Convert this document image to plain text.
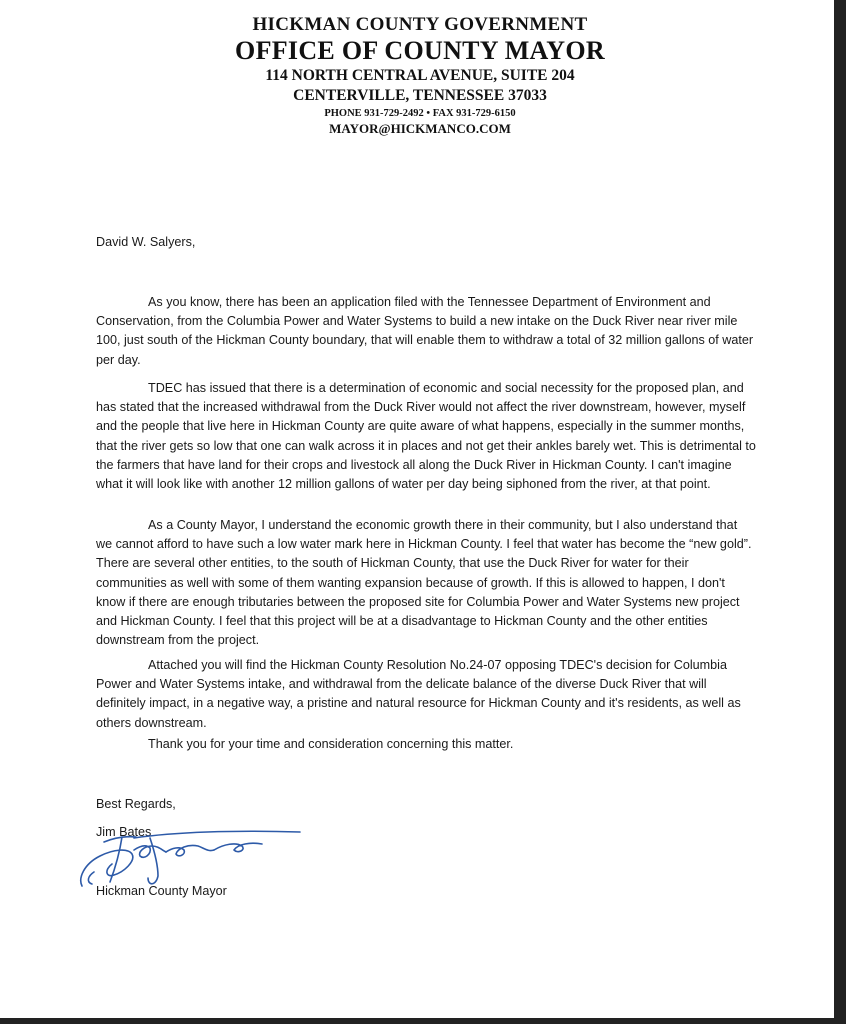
HICKMAN COUNTY GOVERNMENT
OFFICE OF COUNTY MAYOR
114 NORTH CENTRAL AVENUE, SUITE 204
CENTERVILLE, TENNESSEE 37033
PHONE 931-729-2492 • FAX 931-729-6150
MAYOR@HICKMANCO.COM
David W. Salyers,
As you know, there has been an application filed with the Tennessee Department of Environment and Conservation, from the Columbia Power and Water Systems to build a new intake on the Duck River near river mile 100, just south of the Hickman County boundary, that will enable them to withdraw a total of 32 million gallons of water per day.
TDEC has issued that there is a determination of economic and social necessity for the proposed plan, and has stated that the increased withdrawal from the Duck River would not affect the river downstream, however, myself and the people that live here in Hickman County are quite aware of what happens, especially in the summer months, that the river gets so low that one can walk across it in places and not get their ankles barely wet. This is detrimental to the farmers that have land for their crops and livestock all along the Duck River in Hickman County. I can't imagine what it will look like with another 12 million gallons of water per day being siphoned from the river, at that point.
As a County Mayor, I understand the economic growth there in their community, but I also understand that we cannot afford to have such a low water mark here in Hickman County. I feel that water has become the “new gold”. There are several other entities, to the south of Hickman County, that use the Duck River for water for their communities as well with some of them wanting expansion because of growth. If this is allowed to happen, I don't know if there are enough tributaries between the proposed site for Columbia Power and Water Systems new project and Hickman County. I feel that this project will be at a disadvantage to Hickman County and the other entities downstream from the project.
Attached you will find the Hickman County Resolution No.24-07 opposing TDEC's decision for Columbia Power and Water Systems intake, and withdrawal from the delicate balance of the diverse Duck River that will definitely impact, in a negative way, a pristine and natural resource for Hickman County and it's residents, as well as others downstream.
Thank you for your time and consideration concerning this matter.
Best Regards,
Jim Bates
Hickman County Mayor
